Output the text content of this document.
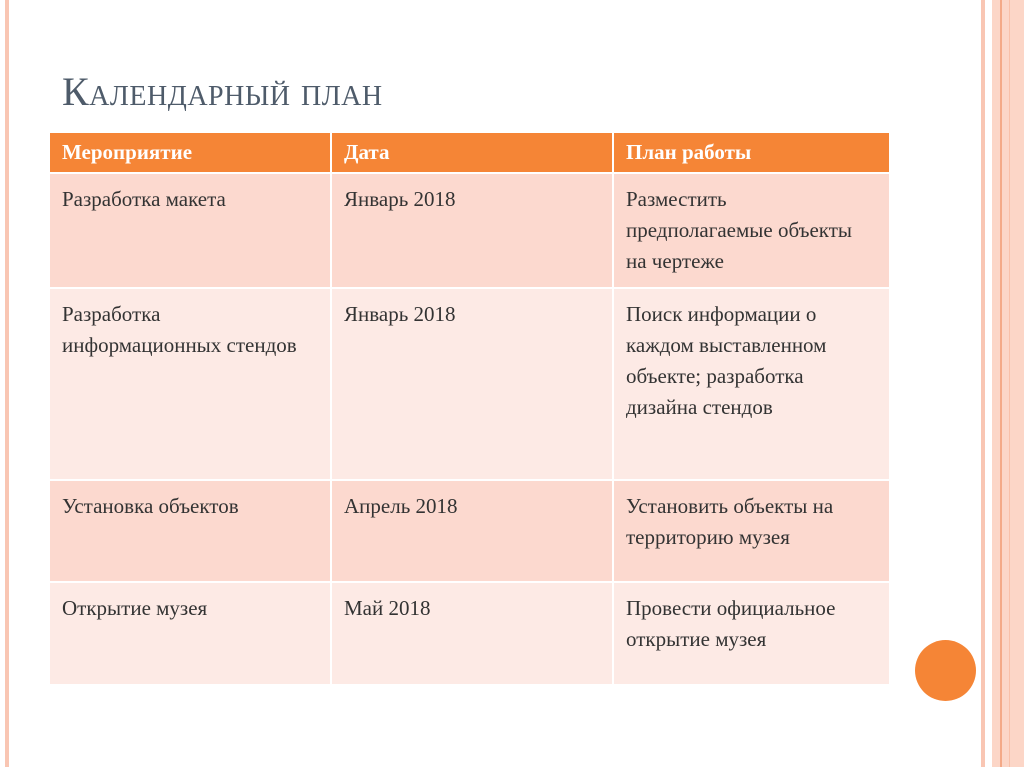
Календарный план
Мероприятие	Дата	План работы
Разработка макета	Январь 2018	Разместить предполагаемые объекты на чертеже
Разработка информационных стендов	Январь 2018	Поиск информации о каждом выставленном объекте; разработка дизайна стендов
Установка объектов	Апрель 2018	Установить объекты на территорию музея
Открытие музея	Май 2018	Провести официальное открытие музея
